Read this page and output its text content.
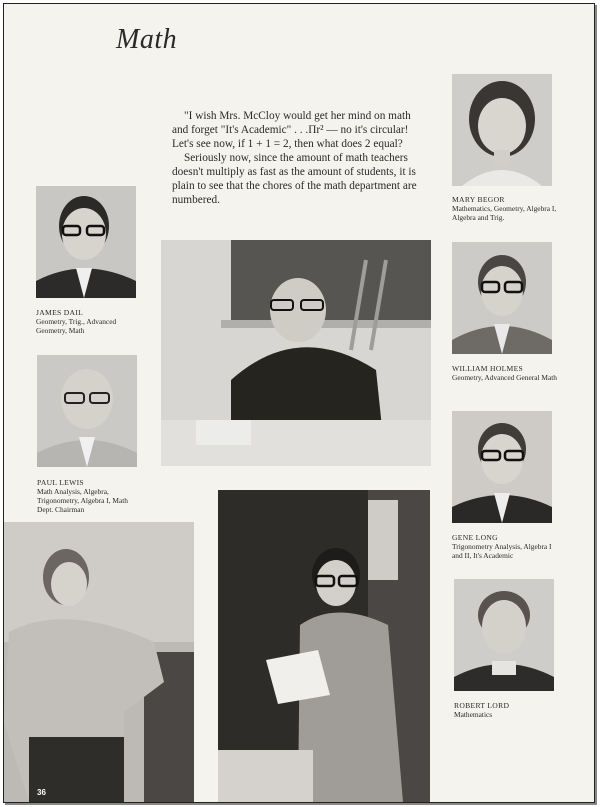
Math

"I wish Mrs. McCloy would get her mind on math and forget "It's Academic" . . .Πr² — no it's circular! Let's see now, if 1 + 1 = 2, then what does 2 equal?

Seriously now, since the amount of math teachers doesn't multiply as fast as the amount of students, it is plain to see that the chores of the math department are numbered.	MARY BEGOR
Mathematics, Geometry, Algebra I, Algebra and Trig.
JAMES DAIL
Geometry, Trig., Advanced Geometry, Math
WILLIAM HOLMES
Geometry, Advanced General Math
PAUL LEWIS
Math Analysis, Algebra, Trigonometry, Algebra I, Math Dept. Chairman
GENE LONG
Trigonometry Analysis, Algebra I and II, It's Academic
ROBERT LORD
Mathematics
36
